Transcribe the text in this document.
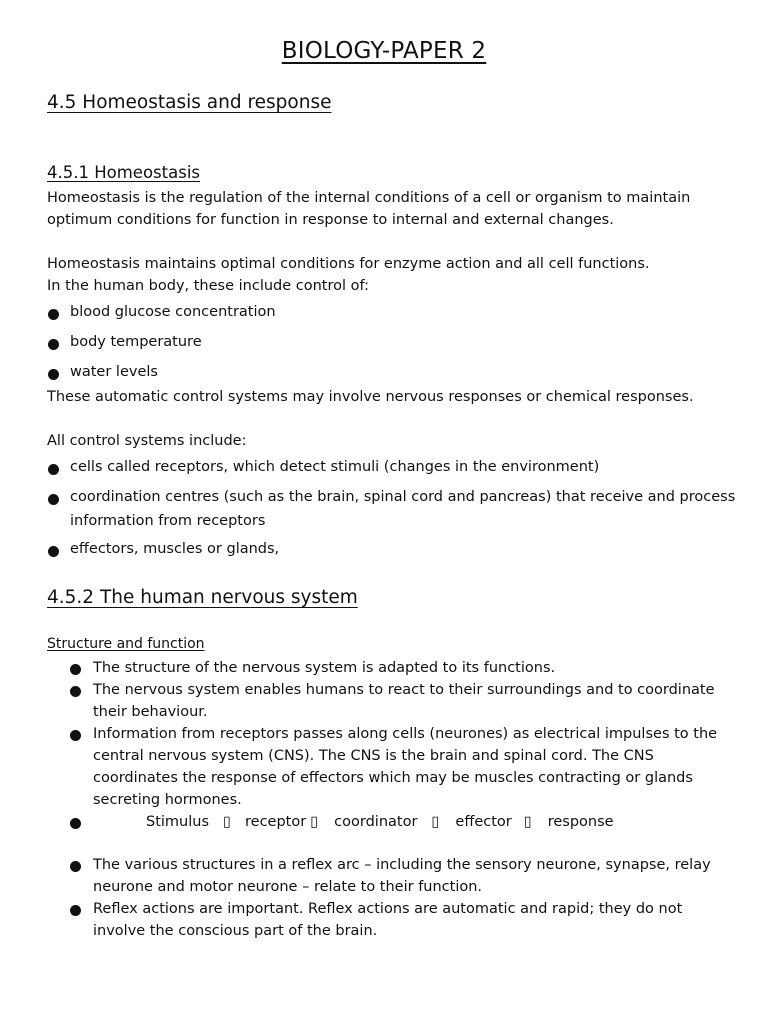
BIOLOGY-PAPER 2
4.5 Homeostasis and response
4.5.1 Homeostasis

Homeostasis is the regulation of the internal conditions of a cell or organism to maintain optimum conditions for function in response to internal and external changes.

Homeostasis maintains optimal conditions for enzyme action and all cell functions.

In the human body, these include control of:

blood glucose concentration
body temperature
water levels

These automatic control systems may involve nervous responses or chemical responses.

All control systems include:

cells called receptors, which detect stimuli (changes in the environment)
coordination centres (such as the brain, spinal cord and pancreas) that receive and process information from receptors
effectors, muscles or glands,
4.5.2 The human nervous system
Structure and function
The structure of the nervous system is adapted to its functions.
The nervous system enables humans to react to their surroundings and to coordinate their behaviour.
Information from receptors passes along cells (neurones) as electrical impulses to the central nervous system (CNS). The CNS is the brain and spinal cord. The CNS coordinates the response of effectors which may be muscles contracting or glands secreting hormones.
Stimulus ▯ receptor ▯ coordinator ▯ effector ▯ response
The various structures in a reflex arc – including the sensory neurone, synapse, relay neurone and motor neurone – relate to their function.
Reflex actions are important. Reflex actions are automatic and rapid; they do not involve the conscious part of the brain.
